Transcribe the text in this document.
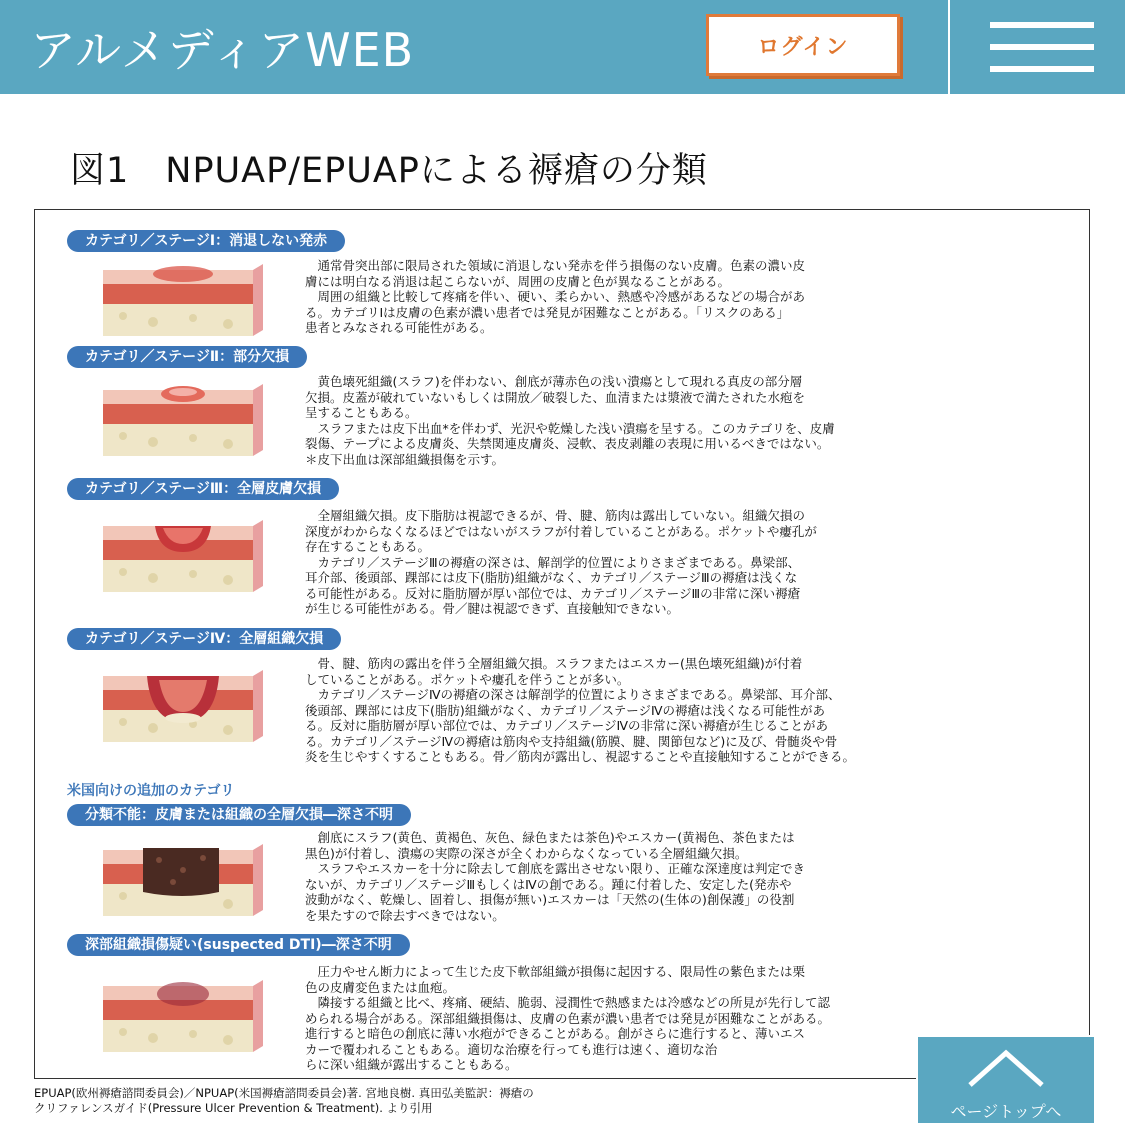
アルメディアWEB	ログイン
図1　NPUAP/EPUAPによる褥瘡の分類
カテゴリ／ステージⅠ：消退しない発赤

　通常骨突出部に限局された領域に消退しない発赤を伴う損傷のない皮膚。色素の濃い皮

膚には明白なる消退は起こらないが、周囲の皮膚と色が異なることがある。

　周囲の組織と比較して疼痛を伴い、硬い、柔らかい、熱感や冷感があるなどの場合があ

る。カテゴリⅠは皮膚の色素が濃い患者では発見が困難なことがある。「リスクのある」

患者とみなされる可能性がある。

カテゴリ／ステージⅡ：部分欠損

　黄色壊死組織(スラフ)を伴わない、創底が薄赤色の浅い潰瘍として現れる真皮の部分層

欠損。皮蓋が破れていないもしくは開放／破裂した、血清または漿液で満たされた水疱を

呈することもある。

　スラフまたは皮下出血*を伴わず、光沢や乾燥した浅い潰瘍を呈する。このカテゴリを、皮膚

裂傷、テープによる皮膚炎、失禁関連皮膚炎、浸軟、表皮剥離の表現に用いるべきではない。

＊皮下出血は深部組織損傷を示す。

カテゴリ／ステージⅢ：全層皮膚欠損

　全層組織欠損。皮下脂肪は視認できるが、骨、腱、筋肉は露出していない。組織欠損の

深度がわからなくなるほどではないがスラフが付着していることがある。ポケットや瘻孔が

存在することもある。

　カテゴリ／ステージⅢの褥瘡の深さは、解剖学的位置によりさまざまである。鼻梁部、

耳介部、後頭部、踝部には皮下(脂肪)組織がなく、カテゴリ／ステージⅢの褥瘡は浅くな

る可能性がある。反対に脂肪層が厚い部位では、カテゴリ／ステージⅢの非常に深い褥瘡

が生じる可能性がある。骨／腱は視認できず、直接触知できない。

カテゴリ／ステージⅣ：全層組織欠損

　骨、腱、筋肉の露出を伴う全層組織欠損。スラフまたはエスカー(黒色壊死組織)が付着

していることがある。ポケットや瘻孔を伴うことが多い。

　カテゴリ／ステージⅣの褥瘡の深さは解剖学的位置によりさまざまである。鼻梁部、耳介部、

後頭部、踝部には皮下(脂肪)組織がなく、カテゴリ／ステージⅣの褥瘡は浅くなる可能性があ

る。反対に脂肪層が厚い部位では、カテゴリ／ステージⅣの非常に深い褥瘡が生じることがあ

る。カテゴリ／ステージⅣの褥瘡は筋肉や支持組織(筋膜、腱、関節包など)に及び、骨髄炎や骨

炎を生じやすくすることもある。骨／筋肉が露出し、視認することや直接触知することができる。

米国向けの追加のカテゴリ
分類不能：皮膚または組織の全層欠損―深さ不明

　創底にスラフ(黄色、黄褐色、灰色、緑色または茶色)やエスカー(黄褐色、茶色または

黒色)が付着し、潰瘍の実際の深さが全くわからなくなっている全層組織欠損。

　スラフやエスカーを十分に除去して創底を露出させない限り、正確な深達度は判定でき

ないが、カテゴリ／ステージⅢもしくはⅣの創である。踵に付着した、安定した(発赤や

波動がなく、乾燥し、固着し、損傷が無い)エスカーは「天然の(生体の)創保護」の役割

を果たすので除去すべきではない。

深部組織損傷疑い(suspected DTI)―深さ不明

　圧力やせん断力によって生じた皮下軟部組織が損傷に起因する、限局性の紫色または栗

色の皮膚変色または血疱。

　隣接する組織と比べ、疼痛、硬結、脆弱、浸潤性で熱感または冷感などの所見が先行して認

められる場合がある。深部組織損傷は、皮膚の色素が濃い患者では発見が困難なことがある。

進行すると暗色の創底に薄い水疱ができることがある。創がさらに進行すると、薄いエス

カーで覆われることもある。適切な治療を行っても進行は速く、適切な治

らに深い組織が露出することもある。

EPUAP(欧州褥瘡諮問委員会)／NPUAP(米国褥瘡諮問委員会)著. 宮地良樹. 真田弘美監訳：褥瘡の

クリファレンスガイド(Pressure Ulcer Prevention & Treatment). より引用	ページトップへ
